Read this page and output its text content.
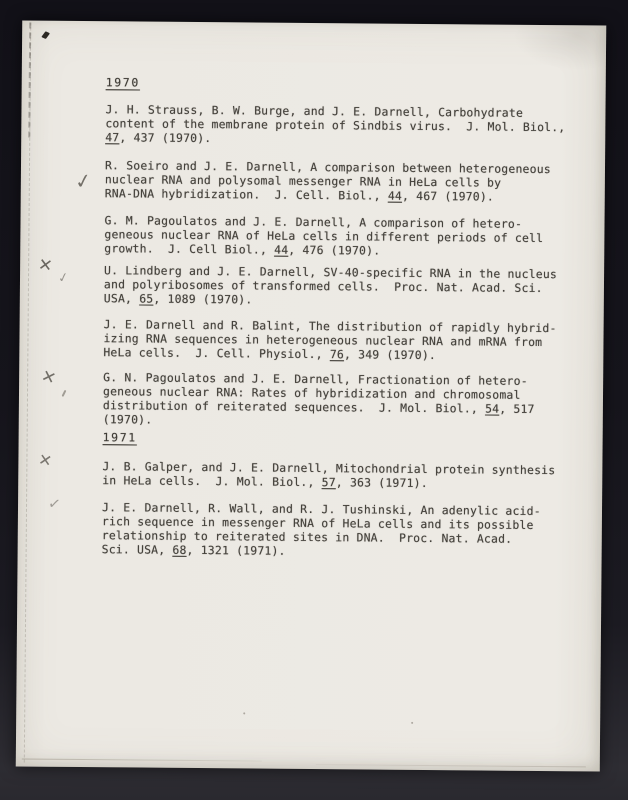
1970
J. H. Strauss, B. W. Burge, and J. E. Darnell, Carbohydrate
content of the membrane protein of Sindbis virus.  J. Mol. Biol.,
47, 437 (1970).
R. Soeiro and J. E. Darnell, A comparison between heterogeneous
nuclear RNA and polysomal messenger RNA in HeLa cells by
RNA-DNA hybridization.  J. Cell. Biol., 44, 467 (1970).
G. M. Pagoulatos and J. E. Darnell, A comparison of hetero-
geneous nuclear RNA of HeLa cells in different periods of cell
growth.  J. Cell Biol., 44, 476 (1970).
U. Lindberg and J. E. Darnell, SV-40-specific RNA in the nucleus
and polyribosomes of transformed cells.  Proc. Nat. Acad. Sci.
USA, 65, 1089 (1970).
J. E. Darnell and R. Balint, The distribution of rapidly hybrid-
izing RNA sequences in heterogeneous nuclear RNA and mRNA from
HeLa cells.  J. Cell. Physiol., 76, 349 (1970).
G. N. Pagoulatos and J. E. Darnell, Fractionation of hetero-
geneous nuclear RNA: Rates of hybridization and chromosomal
distribution of reiterated sequences.  J. Mol. Biol., 54, 517
(1970).
1971
J. B. Galper, and J. E. Darnell, Mitochondrial protein synthesis
in HeLa cells.  J. Mol. Biol., 57, 363 (1971).
J. E. Darnell, R. Wall, and R. J. Tushinski, An adenylic acid-
rich sequence in messenger RNA of HeLa cells and its possible
relationship to reiterated sites in DNA.  Proc. Nat. Acad.
Sci. USA, 68, 1321 (1971).
✓
✕
✓
✕
✕
✓
